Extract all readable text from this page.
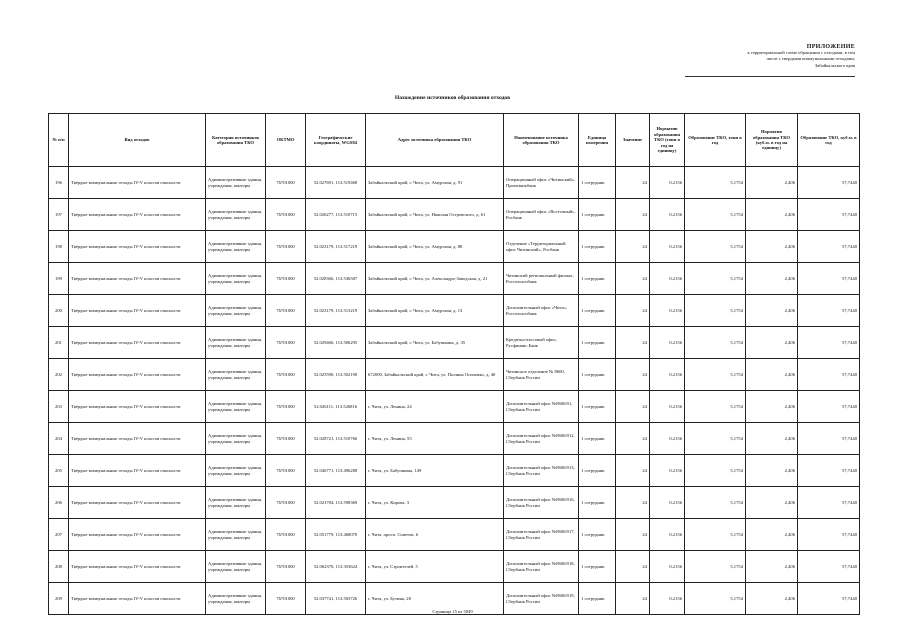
ПРИЛОЖЕНИЕ
к территориальной схеме обращения с отходами, в том
числе с твердыми коммунальными отходами,
Забайкальского края
Нахождение источников образования отходов
№ п/п	Вид отходов	Категория источников образования ТКО	ОКТМО	Географические координаты, WGS84	Адрес источника образования ТКО	Наименование источника образования ТКО	Единица измерения	Значение	Норматив образования ТКО (тонн в год на единицу)	Образование ТКО, тонн в год	Норматив образования ТКО (куб.м. в год на единицу)	Образование ТКО, куб.м. в год
196	Твёрдые коммунальные отходы IV-V классов опасности	Административные здания, учреждения, конторы	76701000	52.027691, 113.519468	Забайкальский край, г. Чита, ул. Амурская, д. 91	Операционный офис «Читинский», Промсвязьбанк	1 сотрудник	24	0,2156	5,1754	2,406	57,7440
197	Твёрдые коммунальные отходы IV-V классов опасности	Административные здания, учреждения, конторы	76701000	52.026277, 113.510715	Забайкальский край, г. Чита, ул. Николая Островского, д. 61	Операционный офис «Восточный», Росбанк	1 сотрудник	24	0,2156	5,1754	2,406	57,7440
198	Твёрдые коммунальные отходы IV-V классов опасности	Административные здания, учреждения, конторы	76701000	52.023179, 113.517219	Забайкальский край, г. Чита, ул. Амурская, д. 88	Отделение «Территориальный офис Читинский», Росбанк	1 сотрудник	24	0,2156	5,1754	2,406	57,7440
199	Твёрдые коммунальные отходы IV-V классов опасности	Административные здания, учреждения, конторы	76701000	52.028366, 113.536587	Забайкальский край, г. Чита, ул. Александро-Заводская, д. 21	Читинский региональный филиал, Россельхозбанк	1 сотрудник	24	0,2156	5,1754	2,406	57,7440
200	Твёрдые коммунальные отходы IV-V классов опасности	Административные здания, учреждения, конторы	76701000	52.023179, 113.513219	Забайкальский край, г. Чита, ул. Амурская, д. 13	Дополнительный офис «Чита», Россельхозбанк	1 сотрудник	24	0,2156	5,1754	2,406	57,7440
201	Твёрдые коммунальные отходы IV-V классов опасности	Административные здания, учреждения, конторы	76701000	52.029466, 113.506295	Забайкальский край, г. Чита, ул. Бабушкина, д. 35	Кредитно-кассовый офис, Русфинанс Банк	1 сотрудник	24	0,2156	5,1754	2,406	57,7440
202	Твёрдые коммунальные отходы IV-V классов опасности	Административные здания, учреждения, конторы	76701000	52.025590, 113.502190	672000, Забайкальский край, г. Чита, ул. Полины Осипенко, д. 40	Читинское отделение № 8600, Сбербанк России	1 сотрудник	24	0,2156	5,1754	2,406	57,7440
203	Твёрдые коммунальные отходы IV-V классов опасности	Административные здания, учреждения, конторы	76701000	52.026111, 113.526816	г. Чита, ул. Ленина, 24	Дополнительный офис №8600/01, Сбербанк России	1 сотрудник	24	0,2156	5,1754	2,406	57,7440
204	Твёрдые коммунальные отходы IV-V классов опасности	Административные здания, учреждения, конторы	76701000	52.028721, 113.510766	г. Чита, ул. Ленина, 55	Дополнительный офис №8600/012, Сбербанк России	1 сотрудник	24	0,2156	5,1754	2,406	57,7440
205	Твёрдые коммунальные отходы IV-V классов опасности	Административные здания, учреждения, конторы	76701000	52.046771, 113.496288	г. Чита, ул. Бабушкина, 149	Дополнительный офис №8600/013, Сбербанк России	1 сотрудник	24	0,2156	5,1754	2,406	57,7440
206	Твёрдые коммунальные отходы IV-V классов опасности	Административные здания, учреждения, конторы	76701000	52.021784, 113.598369	г. Чита, ул. Кирова, 3	Дополнительный офис №8600/016, Сбербанк России	1 сотрудник	24	0,2156	5,1754	2,406	57,7440
207	Твёрдые коммунальные отходы IV-V классов опасности	Административные здания, учреждения, конторы	76701000	52.051779, 113.468070	г. Чита, просп. Советов, 6	Дополнительный офис №8600/017, Сбербанк России	1 сотрудник	24	0,2156	5,1754	2,406	57,7440
208	Твёрдые коммунальные отходы IV-V классов опасности	Административные здания, учреждения, конторы	76701000	52.062370, 113.353624	г. Чита, ул. Строителей, 5	Дополнительный офис №8600/018, Сбербанк России	1 сотрудник	24	0,2156	5,1754	2,406	57,7440
209	Твёрдые коммунальные отходы IV-V классов опасности	Административные здания, учреждения, конторы	76701000	52.037741, 113.503726	г. Чита, ул. Бутина, 28	Дополнительный офис №8600/019, Сбербанк России	1 сотрудник	24	0,2156	5,1754	2,406	57,7440
Страница 15 из 5049
